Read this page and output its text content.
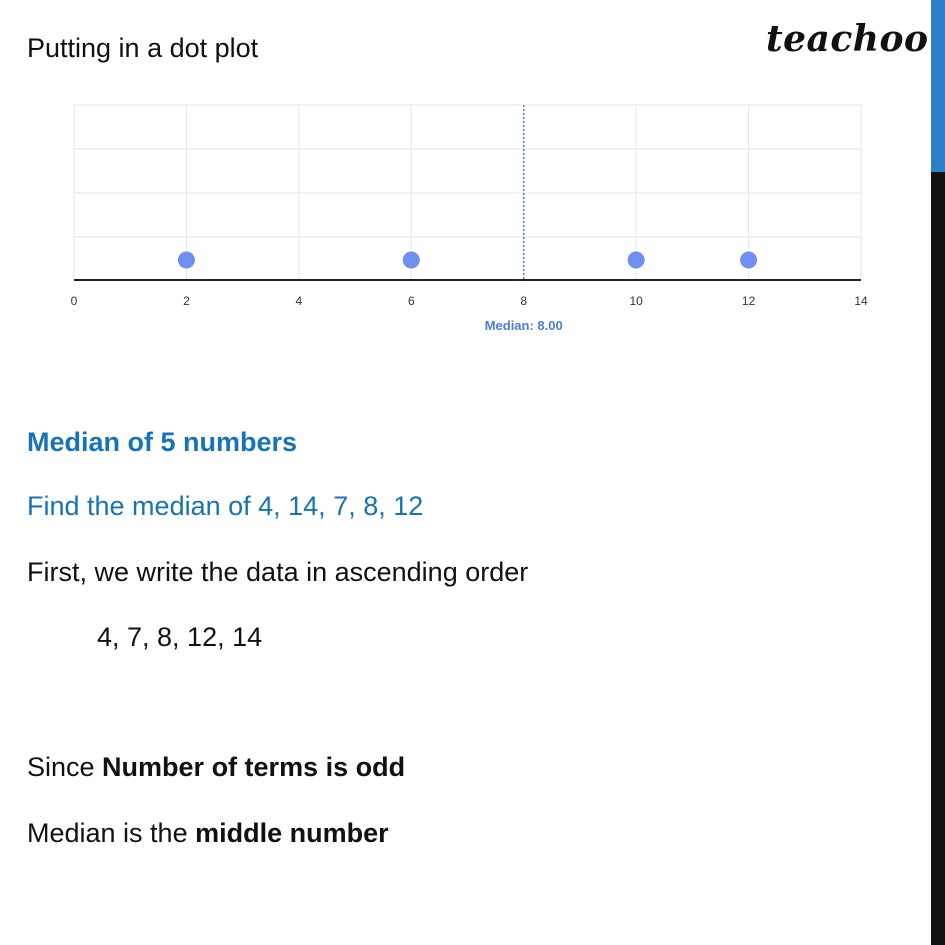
Putting in a dot plot	teachoo
0	2	4	6	8	10	12	14
Median: 8.00

Median of 5 numbers

Find the median of 4, 14, 7, 8, 12

First, we write the data in ascending order

4, 7, 8, 12, 14

Since Number of terms is odd

Median is the middle number
